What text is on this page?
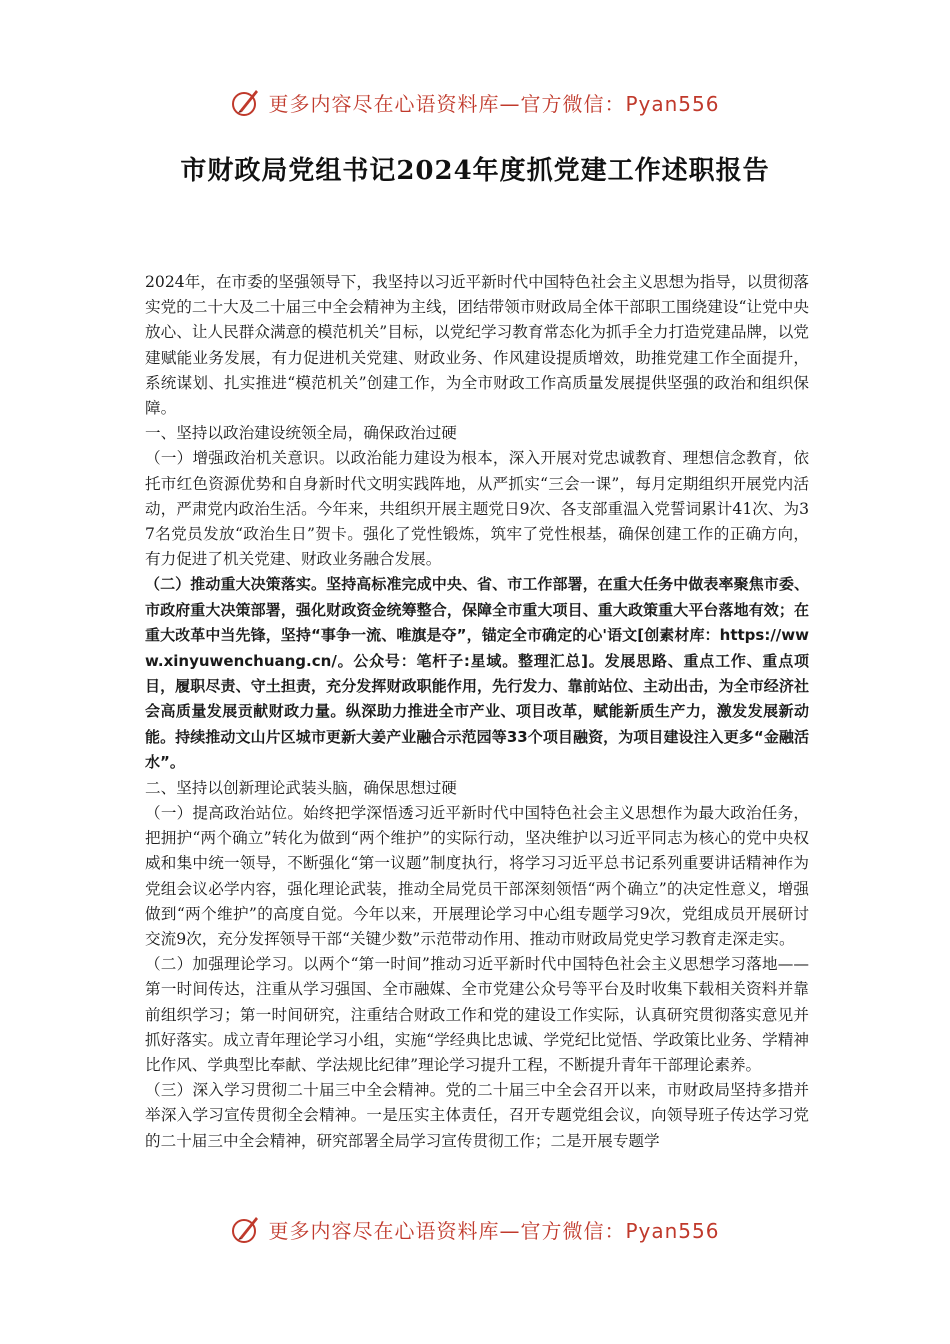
更多内容尽在心语资料库—官方微信：Pyan556
市财政局党组书记2024年度抓党建工作述职报告

2024年，在市委的坚强领导下，我坚持以习近平新时代中国特色社会主义思想为指导，以贯彻落实党的二十大及二十届三中全会精神为主线，团结带领市财政局全体干部职工围绕建设“让党中央放心、让人民群众满意的模范机关”目标，以党纪学习教育常态化为抓手全力打造党建品牌，以党建赋能业务发展，有力促进机关党建、财政业务、作风建设提质增效，助推党建工作全面提升，系统谋划、扎实推进“模范机关”创建工作，为全市财政工作高质量发展提供坚强的政治和组织保障。

一、坚持以政治建设统领全局，确保政治过硬

（一）增强政治机关意识。以政治能力建设为根本，深入开展对党忠诚教育、理想信念教育，依托市红色资源优势和自身新时代文明实践阵地，从严抓实“三会一课”，每月定期组织开展党内活动，严肃党内政治生活。今年来，共组织开展主题党日9次、各支部重温入党誓词累计41次、为37名党员发放“政治生日”贺卡。强化了党性锻炼，筑牢了党性根基，确保创建工作的正确方向，有力促进了机关党建、财政业务融合发展。

（二）推动重大决策落实。坚持高标准完成中央、省、市工作部署，在重大任务中做表率聚焦市委、市政府重大决策部署，强化财政资金统筹整合，保障全市重大项目、重大政策重大平台落地有效；在重大改革中当先锋，坚持“事争一流、唯旗是夺”，锚定全市确定的心'语文[创素材库：https://www.xinyuwenchuang.cn/。公众号：笔杆子:星域。整理汇总]。发展思路、重点工作、重点项目，履职尽责、守土担责，充分发挥财政职能作用，先行发力、靠前站位、主动出击，为全市经济社会高质量发展贡献财政力量。纵深助力推进全市产业、项目改革，赋能新质生产力，激发发展新动能。持续推动文山片区城市更新大姜产业融合示范园等33个项目融资，为项目建设注入更多“金融活水”。

二、坚持以创新理论武装头脑，确保思想过硬

（一）提高政治站位。始终把学深悟透习近平新时代中国特色社会主义思想作为最大政治任务，把拥护“两个确立”转化为做到“两个维护”的实际行动，坚决维护以习近平同志为核心的党中央权威和集中统一领导，不断强化“第一议题”制度执行，将学习习近平总书记系列重要讲话精神作为党组会议必学内容，强化理论武装，推动全局党员干部深刻领悟“两个确立”的决定性意义，增强做到“两个维护”的高度自觉。今年以来，开展理论学习中心组专题学习9次，党组成员开展研讨交流9次，充分发挥领导干部“关键少数”示范带动作用、推动市财政局党史学习教育走深走实。

（二）加强理论学习。以两个“第一时间”推动习近平新时代中国特色社会主义思想学习落地——第一时间传达，注重从学习强国、全市融媒、全市党建公众号等平台及时收集下载相关资料并靠前组织学习；第一时间研究，注重结合财政工作和党的建设工作实际，认真研究贯彻落实意见并抓好落实。成立青年理论学习小组，实施“学经典比忠诚、学党纪比觉悟、学政策比业务、学精神比作风、学典型比奉献、学法规比纪律”理论学习提升工程，不断提升青年干部理论素养。

（三）深入学习贯彻二十届三中全会精神。党的二十届三中全会召开以来，市财政局坚持多措并举深入学习宣传贯彻全会精神。一是压实主体责任，召开专题党组会议，向领导班子传达学习党的二十届三中全会精神，研究部署全局学习宣传贯彻工作；二是开展专题学

更多内容尽在心语资料库—官方微信：Pyan556
